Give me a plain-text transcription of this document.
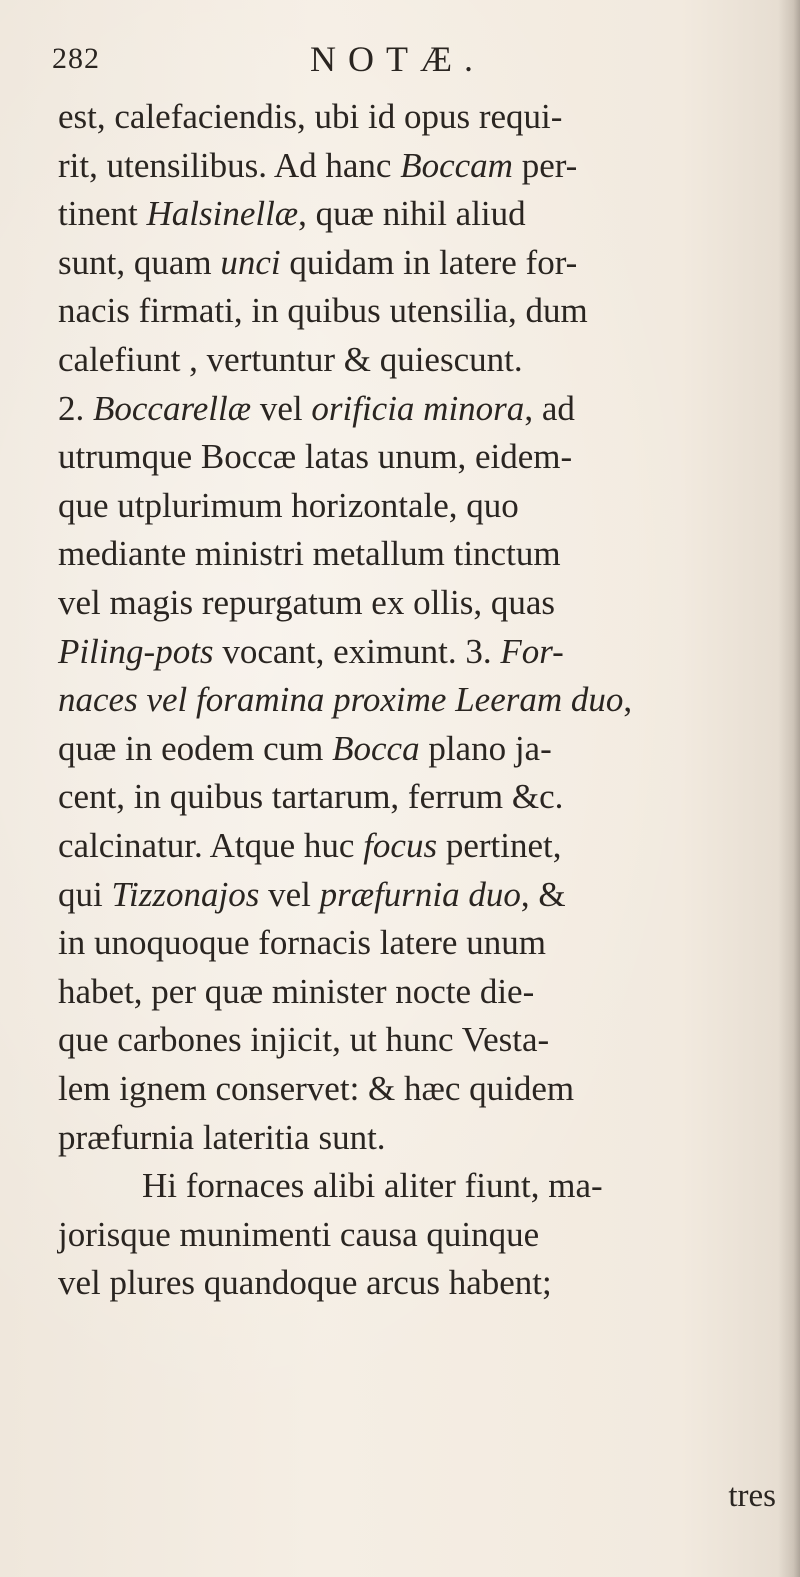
282	NOTÆ.
est, calefaciendis, ubi id opus requi-
rit, utensilibus. Ad hanc Boccam per-
tinent Halsinellæ, quæ nihil aliud
sunt, quam unci quidam in latere for-
nacis firmati, in quibus utensilia, dum
calefiunt , vertuntur & quiescunt.
2. Boccarellæ vel orificia minora, ad
utrumque Boccæ latas unum, eidem-
que utplurimum horizontale, quo
mediante ministri metallum tinctum
vel magis repurgatum ex ollis, quas
Piling-pots vocant, eximunt. 3. For-
naces vel foramina proxime Leeram duo,
quæ in eodem cum Bocca plano ja-
cent, in quibus tartarum, ferrum &c.
calcinatur. Atque huc focus pertinet,
qui Tizzonajos vel præfurnia duo, &
in unoquoque fornacis latere unum
habet, per quæ minister nocte die-
que carbones injicit, ut hunc Vesta-
lem ignem conservet: & hæc quidem
præfurnia lateritia sunt.
Hi fornaces alibi aliter fiunt, ma-
jorisque munimenti causa quinque
vel plures quandoque arcus habent;
tres
